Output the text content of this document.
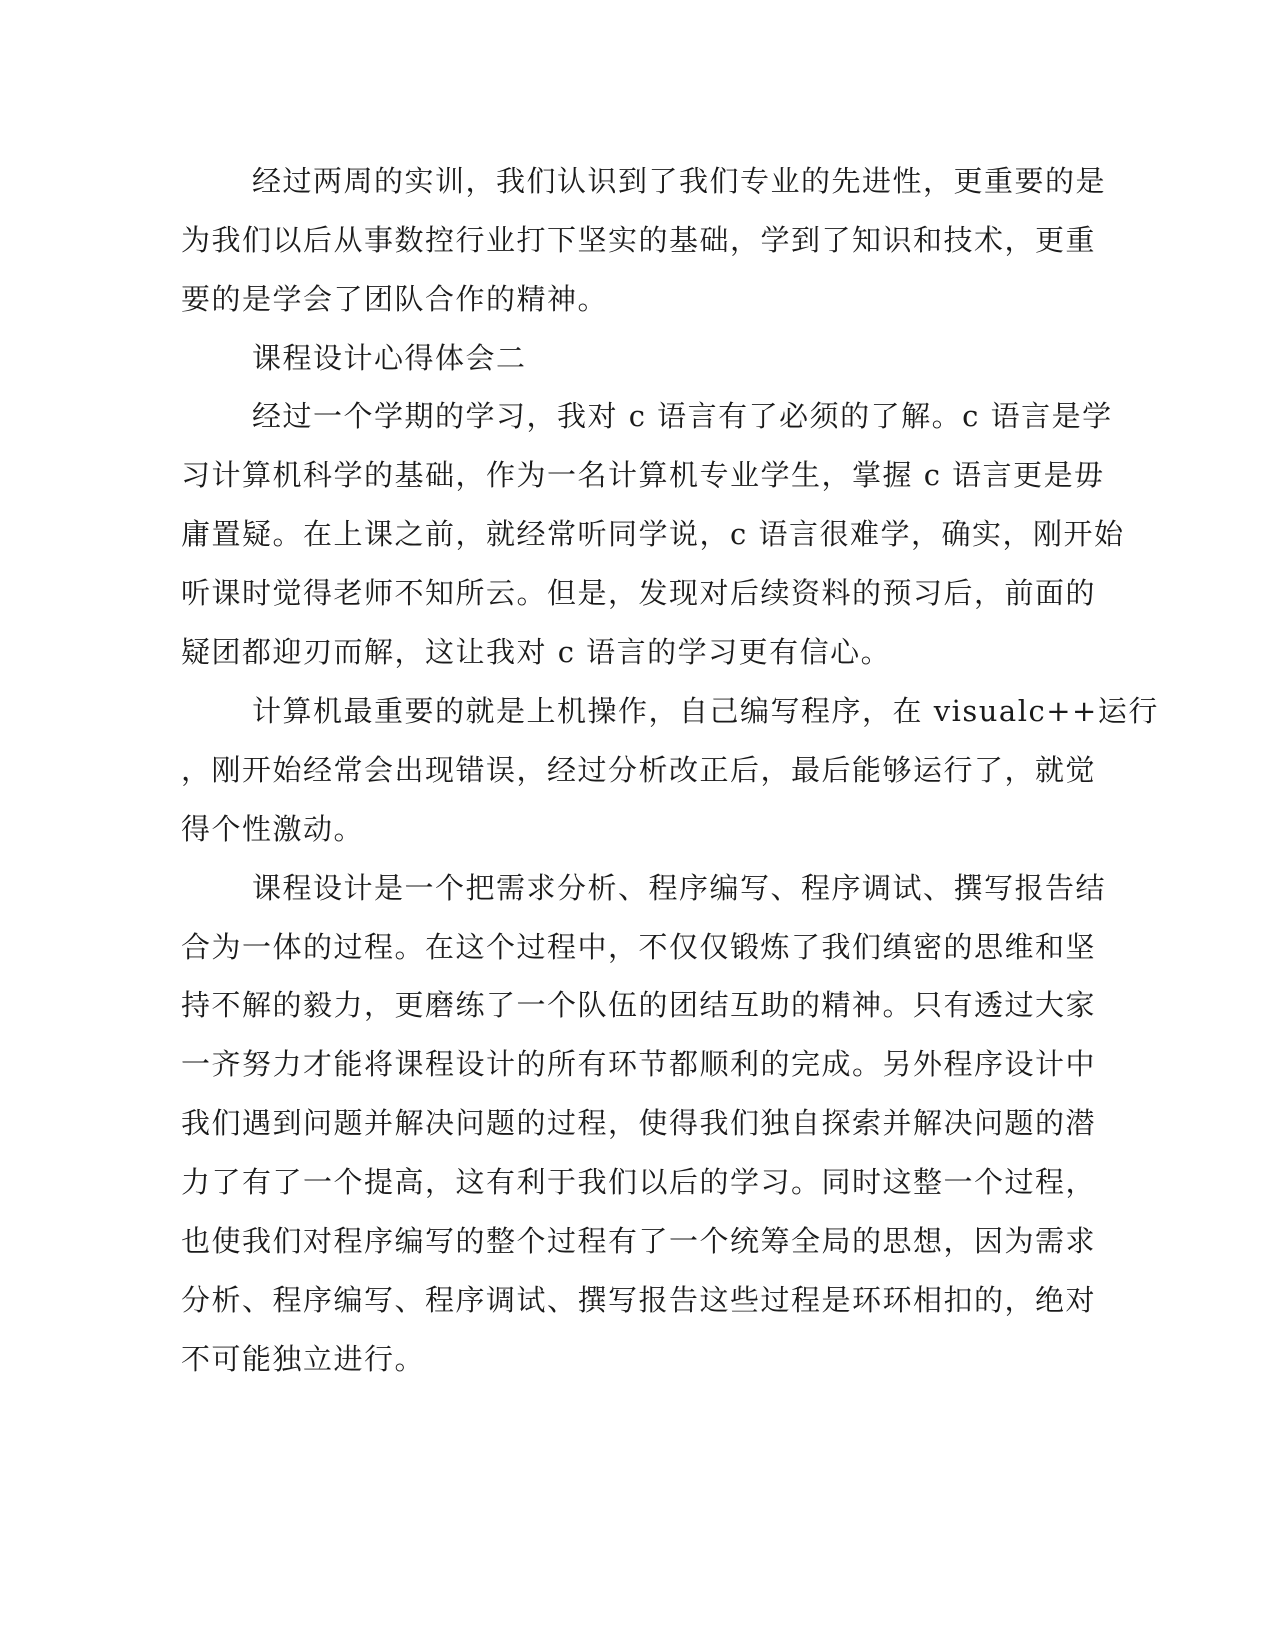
经过两周的实训，我们认识到了我们专业的先进性，更重要的是

为我们以后从事数控行业打下坚实的基础，学到了知识和技术，更重

要的是学会了团队合作的精神。

课程设计心得体会二

经过一个学期的学习，我对 c 语言有了必须的了解。c 语言是学

习计算机科学的基础，作为一名计算机专业学生，掌握 c 语言更是毋

庸置疑。在上课之前，就经常听同学说，c 语言很难学，确实，刚开始

听课时觉得老师不知所云。但是，发现对后续资料的预习后，前面的

疑团都迎刃而解，这让我对 c 语言的学习更有信心。

计算机最重要的就是上机操作，自己编写程序，在 visualc++运行

，刚开始经常会出现错误，经过分析改正后，最后能够运行了，就觉

得个性激动。

课程设计是一个把需求分析、程序编写、程序调试、撰写报告结

合为一体的过程。在这个过程中，不仅仅锻炼了我们缜密的思维和坚

持不解的毅力，更磨练了一个队伍的团结互助的精神。只有透过大家

一齐努力才能将课程设计的所有环节都顺利的完成。另外程序设计中

我们遇到问题并解决问题的过程，使得我们独自探索并解决问题的潜

力了有了一个提高，这有利于我们以后的学习。同时这整一个过程，

也使我们对程序编写的整个过程有了一个统筹全局的思想，因为需求

分析、程序编写、程序调试、撰写报告这些过程是环环相扣的，绝对

不可能独立进行。
